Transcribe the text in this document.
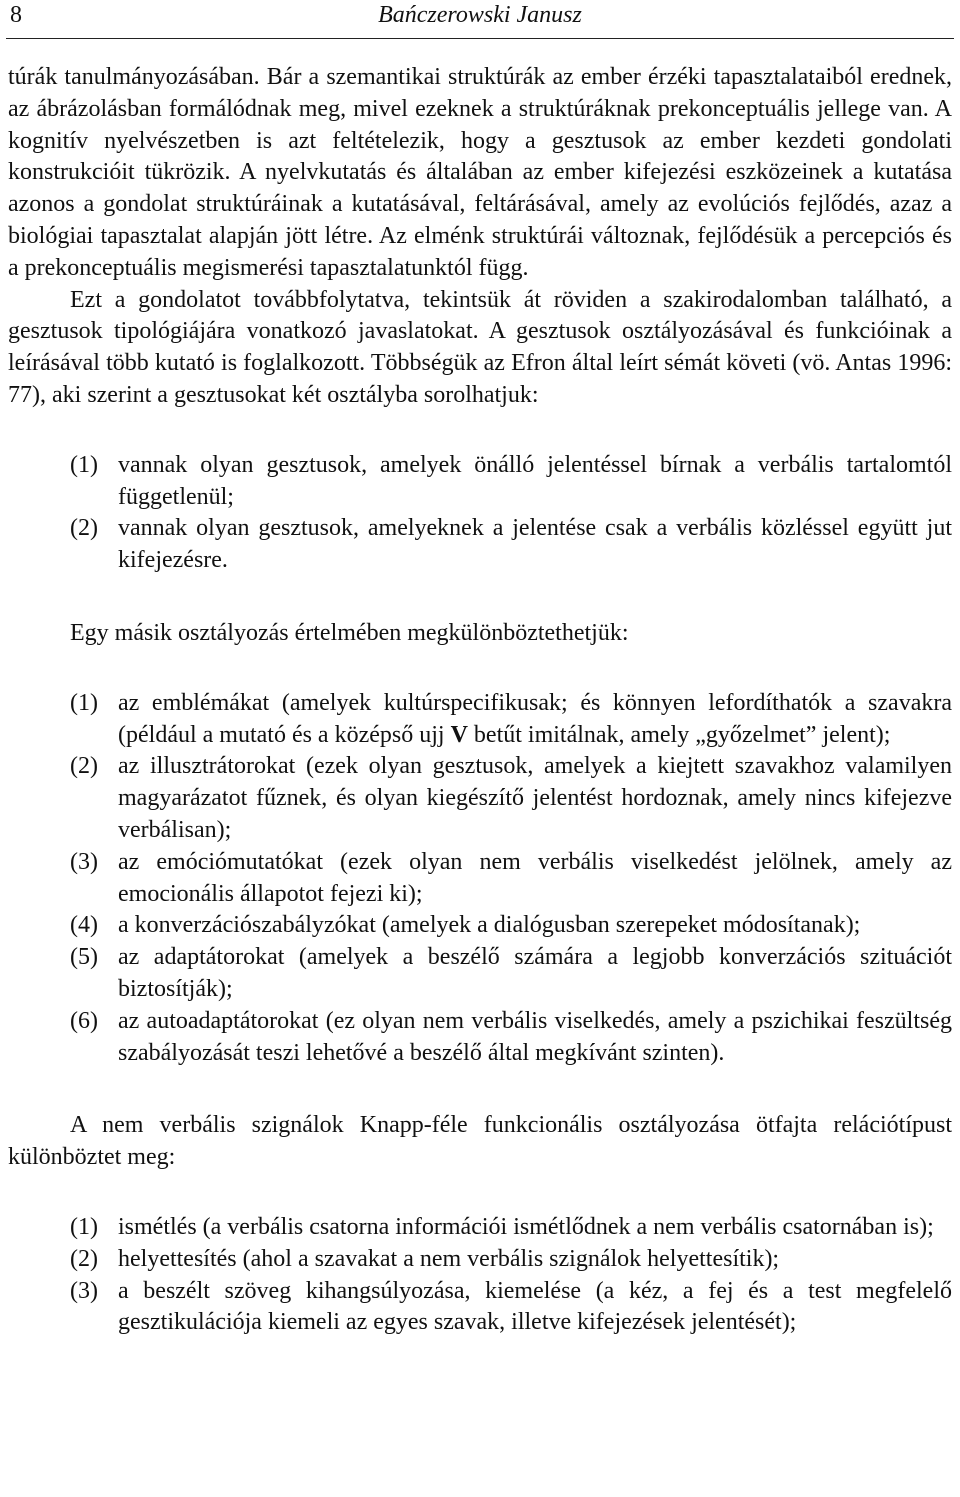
8	Bańczerowski Janusz

túrák tanulmányozásában. Bár a szemantikai struktúrák az ember érzéki tapasztalataiból erednek, az ábrázolásban formálódnak meg, mivel ezeknek a struktúráknak prekonceptuális jellege van. A kognitív nyelvészetben is azt feltételezik, hogy a gesztusok az ember kezdeti gondolati konstrukcióit tükrözik. A nyelvkutatás és általában az ember kifejezési eszközeinek a kutatása azonos a gondolat struktúráinak a kutatásával, feltárásával, amely az evolúciós fejlődés, azaz a biológiai tapasztalat alapján jött létre. Az elménk struktúrái változnak, fejlődésük a percepciós és a prekonceptuális megismerési tapasztalatunktól függ.

Ezt a gondolatot továbbfolytatva, tekintsük át röviden a szakirodalomban található, a gesztusok tipológiájára vonatkozó javaslatokat. A gesztusok osztályozásával és funkcióinak a leírásával több kutató is foglalkozott. Többségük az Efron által leírt sémát követi (vö. Antas 1996: 77), aki szerint a gesztusokat két osztályba sorolhatjuk:

(1) vannak olyan gesztusok, amelyek önálló jelentéssel bírnak a verbális tartalomtól függetlenül;
(2) vannak olyan gesztusok, amelyeknek a jelentése csak a verbális közléssel együtt jut kifejezésre.

Egy másik osztályozás értelmében megkülönböztethetjük:

(1) az emblémákat (amelyek kultúrspecifikusak; és könnyen lefordíthatók a szavakra (például a mutató és a középső ujj V betűt imitálnak, amely „győzelmet” jelent);
(2) az illusztrátorokat (ezek olyan gesztusok, amelyek a kiejtett szavakhoz valamilyen magyarázatot fűznek, és olyan kiegészítő jelentést hordoznak, amely nincs kifejezve verbálisan);
(3) az emóciómutatókat (ezek olyan nem verbális viselkedést jelölnek, amely az emocionális állapotot fejezi ki);
(4) a konverzációszabályzókat (amelyek a dialógusban szerepeket módosítanak);
(5) az adaptátorokat (amelyek a beszélő számára a legjobb konverzációs szituációt biztosítják);
(6) az autoadaptátorokat (ez olyan nem verbális viselkedés, amely a pszichikai feszültség szabályozását teszi lehetővé a beszélő által megkívánt szinten).

A nem verbális szignálok Knapp-féle funkcionális osztályozása ötfajta relációtípust különböztet meg:

(1) ismétlés (a verbális csatorna információi ismétlődnek a nem verbális csatornában is);
(2) helyettesítés (ahol a szavakat a nem verbális szignálok helyettesítik);
(3) a beszélt szöveg kihangsúlyozása, kiemelése (a kéz, a fej és a test megfelelő gesztikulációja kiemeli az egyes szavak, illetve kifejezések jelentését);
